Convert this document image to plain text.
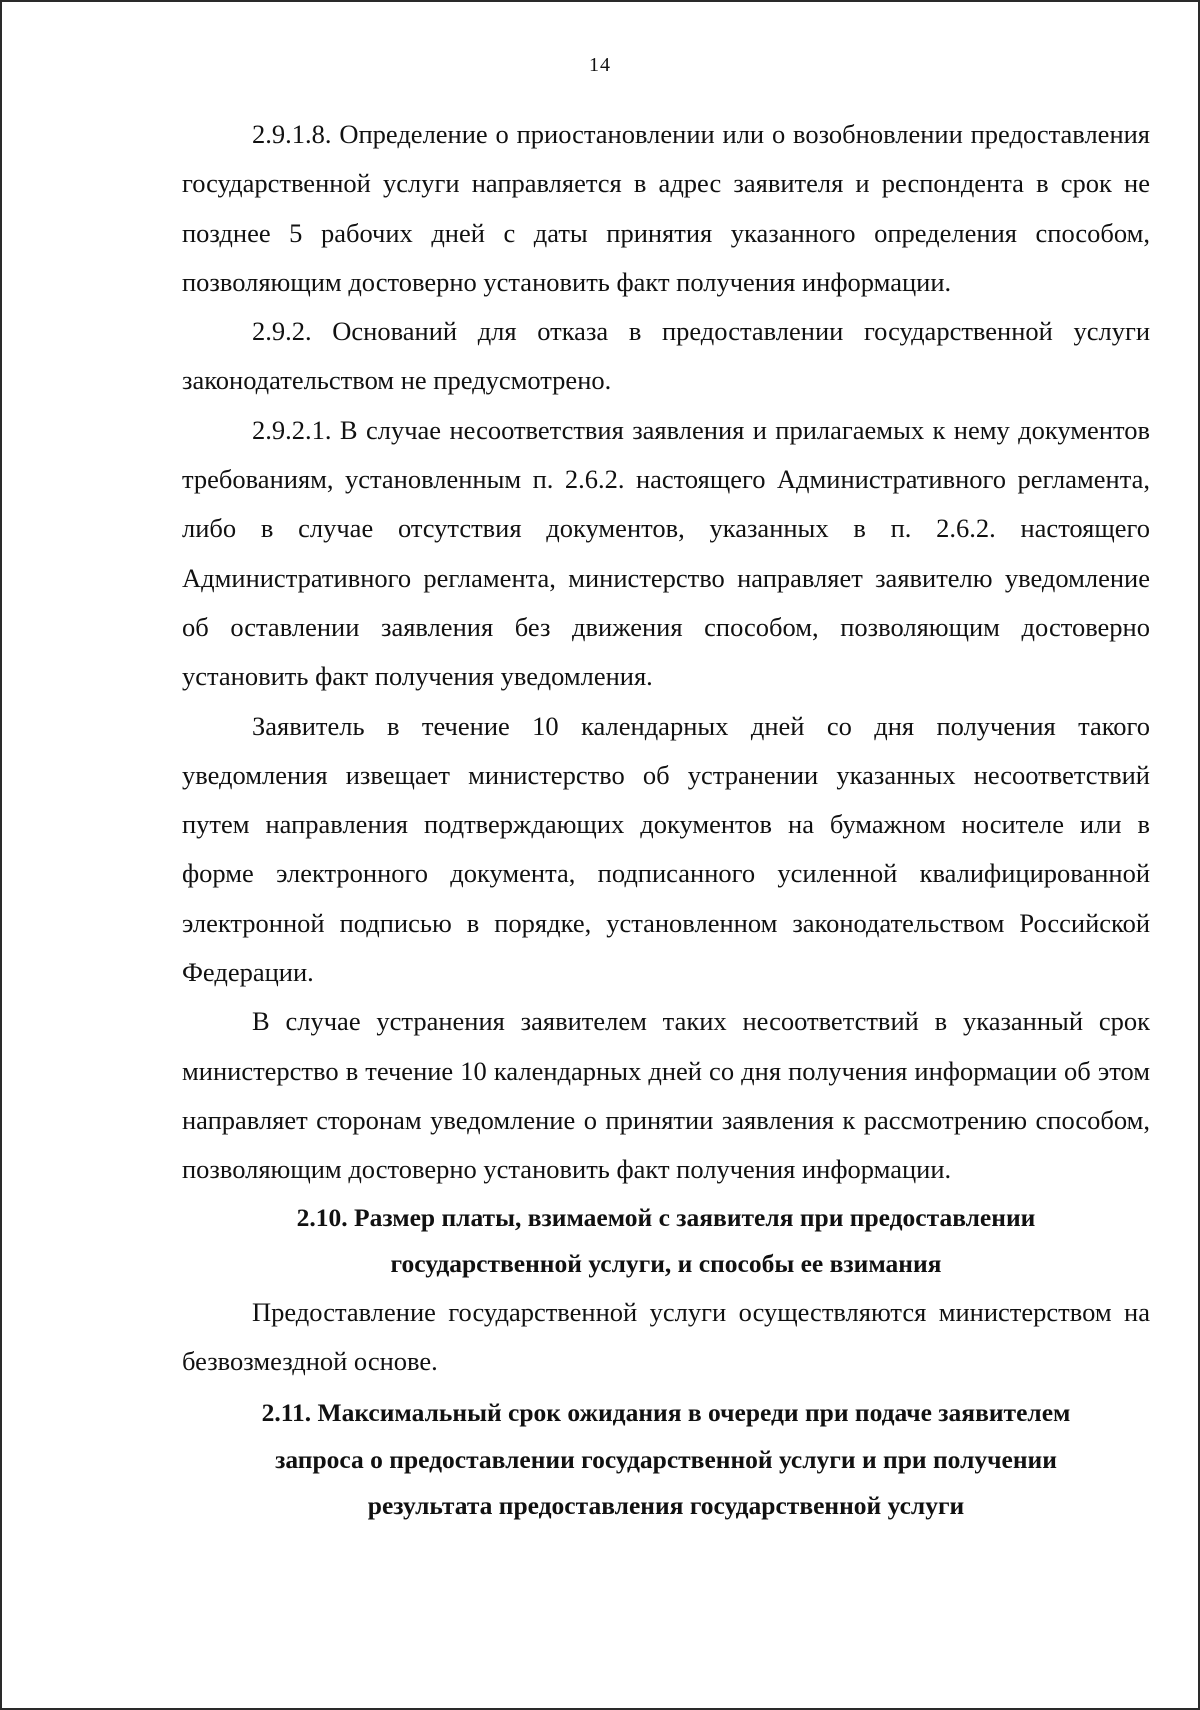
14

2.9.1.8. Определение о приостановлении или о возобновлении предоставления государственной услуги направляется в адрес заявителя и респондента в срок не позднее 5 рабочих дней с даты принятия указанного определения способом, позволяющим достоверно установить факт получения информации.

2.9.2. Оснований для отказа в предоставлении государственной услуги законодательством не предусмотрено.

2.9.2.1. В случае несоответствия заявления и прилагаемых к нему документов требованиям, установленным п. 2.6.2. настоящего Административного регламента, либо в случае отсутствия документов, указанных в п. 2.6.2. настоящего Административного регламента, министерство направляет заявителю уведомление об оставлении заявления без движения способом, позволяющим достоверно установить факт получения уведомления.

Заявитель в течение 10 календарных дней со дня получения такого уведомления извещает министерство об устранении указанных несоответствий путем направления подтверждающих документов на бумажном носителе или в форме электронного документа, подписанного усиленной квалифицированной электронной подписью в порядке, установленном законодательством Российской Федерации.

В случае устранения заявителем таких несоответствий в указанный срок министерство в течение 10 календарных дней со дня получения информации об этом направляет сторонам уведомление о принятии заявления к рассмотрению способом, позволяющим достоверно установить факт получения информации.

2.10. Размер платы, взимаемой с заявителя при предоставлении
государственной услуги, и способы ее взимания

Предоставление государственной услуги осуществляются министерством на безвозмездной основе.

2.11. Максимальный срок ожидания в очереди при подаче заявителем
запроса о предоставлении государственной услуги и при получении
результата предоставления государственной услуги
